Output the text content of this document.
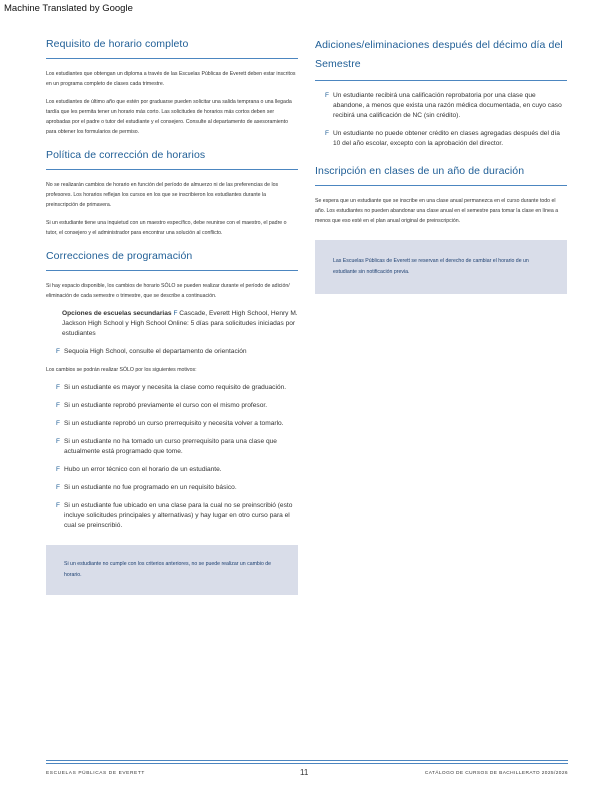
Machine Translated by Google
Requisito de horario completo

Los estudiantes que obtengan un diploma a través de las Escuelas Públicas de Everett deben estar inscritos en un programa completo de clases cada trimestre.

Los estudiantes de último año que estén por graduarse pueden solicitar una salida temprana o una llegada tardía que les permita tener un horario más corto. Las solicitudes de horarios más cortos deben ser aprobadas por el padre o tutor del estudiante y el consejero. Consulte al departamento de asesoramiento para obtener los formularios de permiso.

Política de corrección de horarios

No se realizarán cambios de horario en función del período de almuerzo ni de las preferencias de los profesores. Los horarios reflejan los cursos en los que se inscribieron los estudiantes durante la preinscripción de primavera.

Si un estudiante tiene una inquietud con un maestro específico, debe reunirse con el maestro, el padre o tutor, el consejero y el administrador para encontrar una solución al conflicto.

Correcciones de programación

Si hay espacio disponible, los cambios de horario SÓLO se pueden realizar durante el período de adición/ eliminación de cada semestre o trimestre, que se describe a continuación.

Opciones de escuelas secundarias F Cascade, Everett High School, Henry M. Jackson High School y High School Online: 5 días para solicitudes iniciadas por estudiantes
F Sequoia High School, consulte el departamento de orientación

Los cambios se podrán realizar SÓLO por los siguientes motivos:

F Si un estudiante es mayor y necesita la clase como requisito de graduación.
F Si un estudiante reprobó previamente el curso con el mismo profesor.
F Si un estudiante reprobó un curso prerrequisito y necesita volver a tomarlo.
F Si un estudiante no ha tomado un curso prerrequisito para una clase que actualmente está programado que tome.
F Hubo un error técnico con el horario de un estudiante.
F Si un estudiante no fue programado en un requisito básico.
F Si un estudiante fue ubicado en una clase para la cual no se preinscribió (esto incluye solicitudes principales y alternativas) y hay lugar en otro curso para el cual se preinscribió.
Si un estudiante no cumple con los criterios anteriores, no se puede realizar un cambio de horario.
Adiciones/eliminaciones después del décimo día del Semestre
F Un estudiante recibirá una calificación reprobatoria por una clase que abandone, a menos que exista una razón médica documentada, en cuyo caso recibirá una calificación de NC (sin crédito).
F Un estudiante no puede obtener crédito en clases agregadas después del día 10 del año escolar, excepto con la aprobación del director.
Inscripción en clases de un año de duración

Se espera que un estudiante que se inscribe en una clase anual permanezca en el curso durante todo el año. Los estudiantes no pueden abandonar una clase anual en el semestre para tomar la clase en línea a menos que eso esté en el plan anual original de preinscripción.

Las Escuelas Públicas de Everett se reservan el derecho de cambiar el horario de un estudiante sin notificación previa.
ESCUELAS PÚBLICAS DE EVERETT	11	CATÁLOGO DE CURSOS DE BACHILLERATO 2025/2026
